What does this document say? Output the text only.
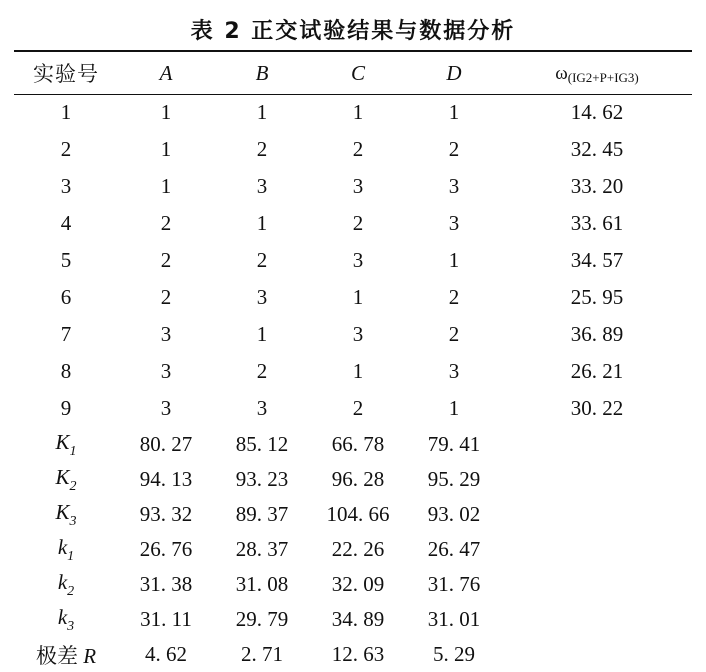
表 2 正交试验结果与数据分析
实验号	A	B	C	D	ω(IG2+P+IG3)
1	1	1	1	1	14. 62
2	1	2	2	2	32. 45
3	1	3	3	3	33. 20
4	2	1	2	3	33. 61
5	2	2	3	1	34. 57
6	2	3	1	2	25. 95
7	3	1	3	2	36. 89
8	3	2	1	3	26. 21
9	3	3	2	1	30. 22
$K_1$	80. 27	85. 12	66. 78	79. 41	
$K_2$	94. 13	93. 23	96. 28	95. 29	
$K_3$	93. 32	89. 37	104. 66	93. 02	
$k_1$	26. 76	28. 37	22. 26	26. 47	
$k_2$	31. 38	31. 08	32. 09	31. 76	
$k_3$	31. 11	29. 79	34. 89	31. 01	
极差 R	4. 62	2. 71	12. 63	5. 29	
